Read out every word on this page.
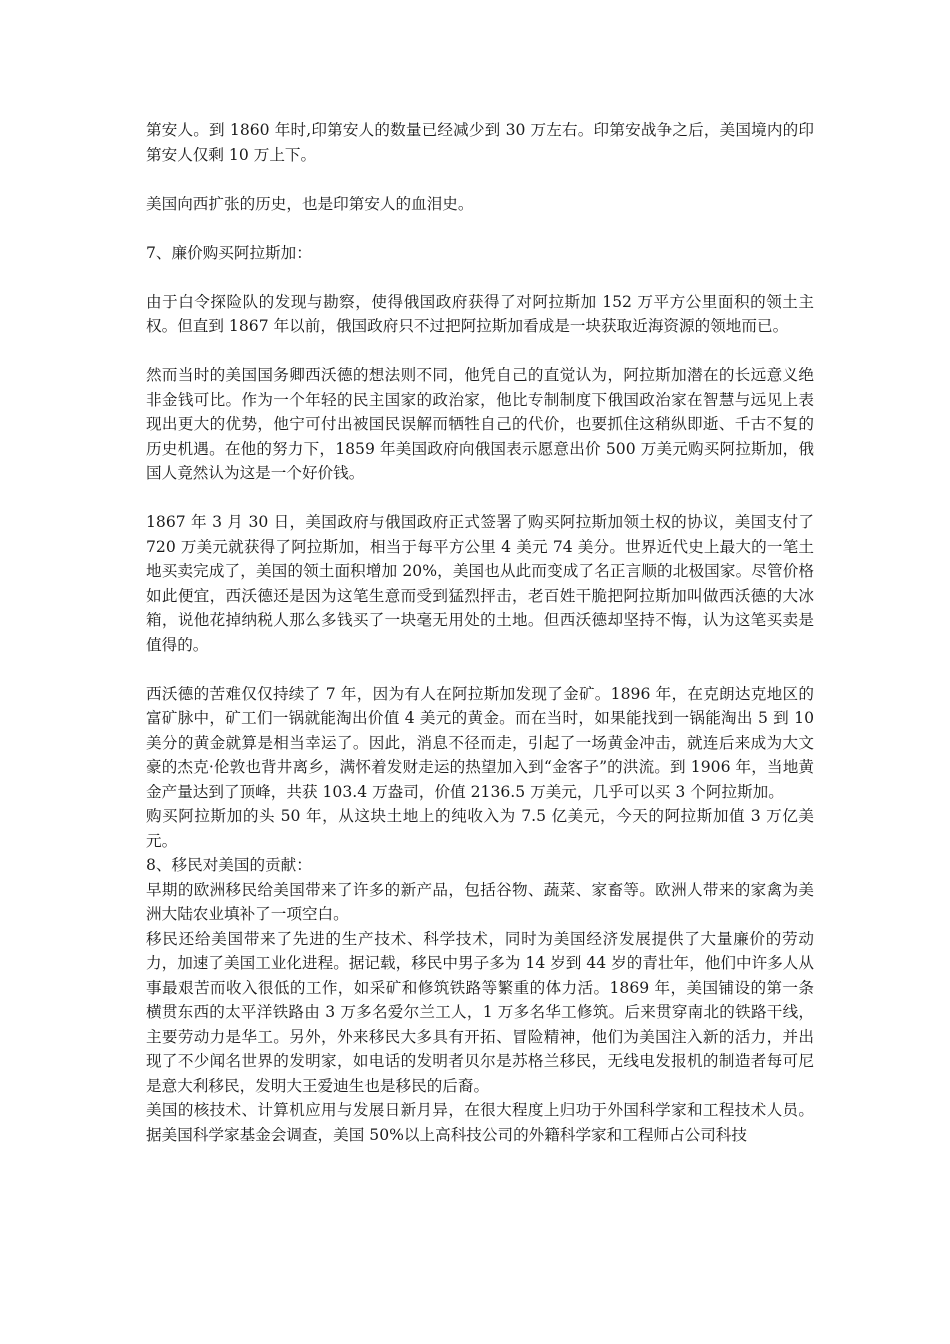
第安人。到 1860 年时,印第安人的数量已经减少到 30 万左右。印第安战争之后，美国境内的印第安人仅剩 10 万上下。

美国向西扩张的历史，也是印第安人的血泪史。

7、廉价购买阿拉斯加：

由于白令探险队的发现与勘察，使得俄国政府获得了对阿拉斯加 152 万平方公里面积的领土主权。但直到 1867 年以前，俄国政府只不过把阿拉斯加看成是一块获取近海资源的领地而已。

然而当时的美国国务卿西沃德的想法则不同，他凭自己的直觉认为，阿拉斯加潜在的长远意义绝非金钱可比。作为一个年轻的民主国家的政治家，他比专制制度下俄国政治家在智慧与远见上表现出更大的优势，他宁可付出被国民误解而牺牲自己的代价，也要抓住这稍纵即逝、千古不复的历史机遇。在他的努力下，1859 年美国政府向俄国表示愿意出价 500 万美元购买阿拉斯加，俄国人竟然认为这是一个好价钱。

1867 年 3 月 30 日，美国政府与俄国政府正式签署了购买阿拉斯加领土权的协议，美国支付了 720 万美元就获得了阿拉斯加，相当于每平方公里 4 美元 74 美分。世界近代史上最大的一笔土地买卖完成了，美国的领土面积增加 20%，美国也从此而变成了名正言顺的北极国家。尽管价格如此便宜，西沃德还是因为这笔生意而受到猛烈抨击，老百姓干脆把阿拉斯加叫做西沃德的大冰箱，说他花掉纳税人那么多钱买了一块毫无用处的土地。但西沃德却坚持不悔，认为这笔买卖是值得的。

西沃德的苦难仅仅持续了 7 年，因为有人在阿拉斯加发现了金矿。1896 年，在克朗达克地区的富矿脉中，矿工们一锅就能淘出价值 4 美元的黄金。而在当时，如果能找到一锅能淘出 5 到 10 美分的黄金就算是相当幸运了。因此，消息不径而走，引起了一场黄金冲击，就连后来成为大文豪的杰克·伦敦也背井离乡，满怀着发财走运的热望加入到“金客子”的洪流。到 1906 年，当地黄金产量达到了顶峰，共获 103.4 万盎司，价值 2136.5 万美元，几乎可以买 3 个阿拉斯加。

购买阿拉斯加的头 50 年，从这块土地上的纯收入为 7.5 亿美元，今天的阿拉斯加值 3 万亿美元。

8、移民对美国的贡献：

早期的欧洲移民给美国带来了许多的新产品，包括谷物、蔬菜、家畜等。欧洲人带来的家禽为美洲大陆农业填补了一项空白。

移民还给美国带来了先进的生产技术、科学技术，同时为美国经济发展提供了大量廉价的劳动力，加速了美国工业化进程。据记载，移民中男子多为 14 岁到 44 岁的青壮年，他们中许多人从事最艰苦而收入很低的工作，如采矿和修筑铁路等繁重的体力活。1869 年，美国铺设的第一条横贯东西的太平洋铁路由 3 万多名爱尔兰工人，1 万多名华工修筑。后来贯穿南北的铁路干线，主要劳动力是华工。另外，外来移民大多具有开拓、冒险精神，他们为美国注入新的活力，并出现了不少闻名世界的发明家，如电话的发明者贝尔是苏格兰移民，无线电发报机的制造者每可尼是意大利移民，发明大王爱迪生也是移民的后裔。

美国的核技术、计算机应用与发展日新月异，在很大程度上归功于外国科学家和工程技术人员。据美国科学家基金会调查，美国 50%以上高科技公司的外籍科学家和工程师占公司科技
